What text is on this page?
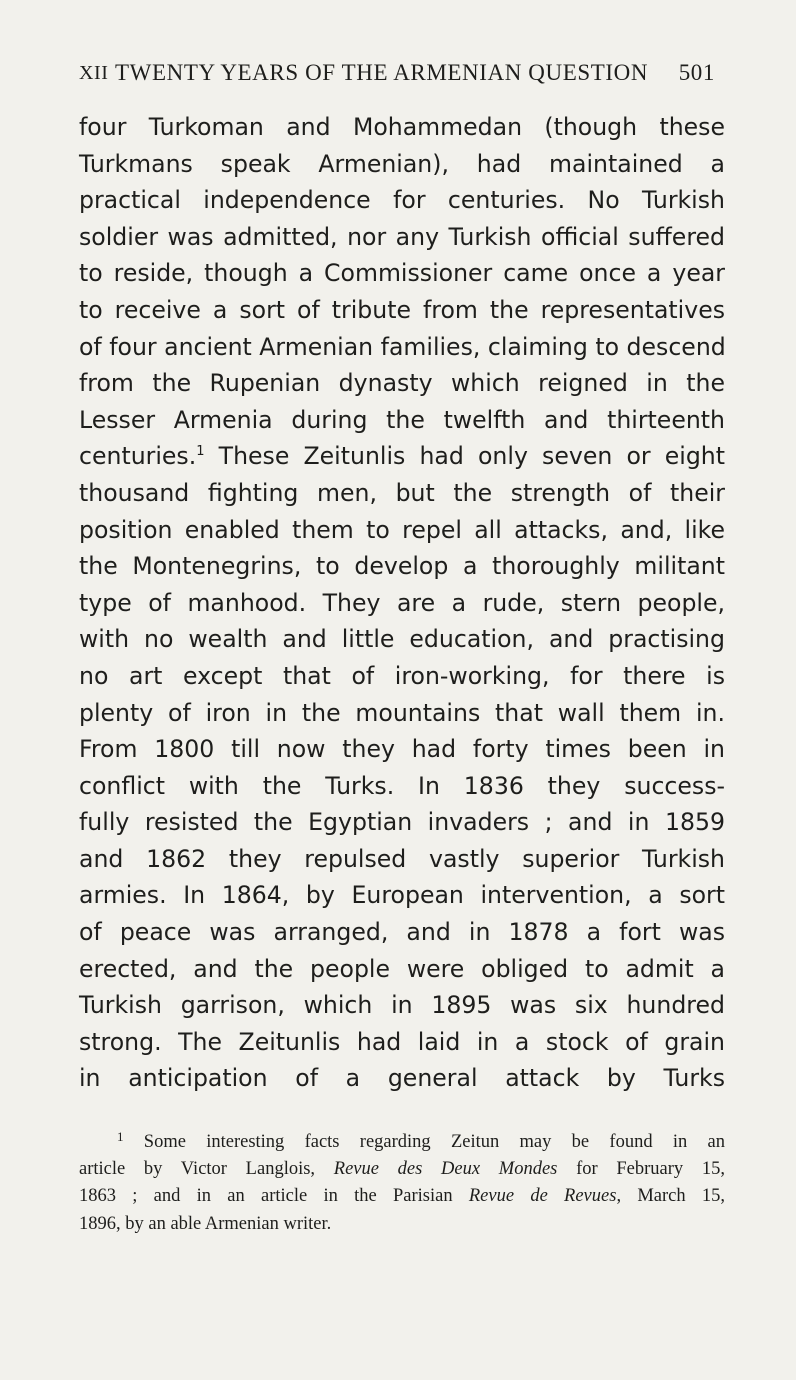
XII TWENTY YEARS OF THE ARMENIAN QUESTION 501
four Turkoman and Mohammedan (though these
Turkmans speak Armenian), had maintained a
practical independence for centuries. No Turkish
soldier was admitted, nor any Turkish official suffered
to reside, though a Commissioner came once a year
to receive a sort of tribute from the representatives
of four ancient Armenian families, claiming to descend
from the Rupenian dynasty which reigned in the
Lesser Armenia during the twelfth and thirteenth
centuries.$^1$ These Zeitunlis had only seven or eight
thousand fighting men, but the strength of their
position enabled them to repel all attacks, and, like
the Montenegrins, to develop a thoroughly militant
type of manhood. They are a rude, stern people,
with no wealth and little education, and practising
no art except that of iron-working, for there is
plenty of iron in the mountains that wall them in.
From 1800 till now they had forty times been in
conflict with the Turks. In 1836 they success-
fully resisted the Egyptian invaders ; and in 1859
and 1862 they repulsed vastly superior Turkish
armies. In 1864, by European intervention, a sort
of peace was arranged, and in 1878 a fort was
erected, and the people were obliged to admit a
Turkish garrison, which in 1895 was six hundred
strong. The Zeitunlis had laid in a stock of grain
in anticipation of a general attack by Turks
$^1$ Some interesting facts regarding Zeitun may be found in an
article by Victor Langlois, Revue des Deux Mondes for February 15,
1863 ; and in an article in the Parisian Revue de Revues, March 15,
1896, by an able Armenian writer.
